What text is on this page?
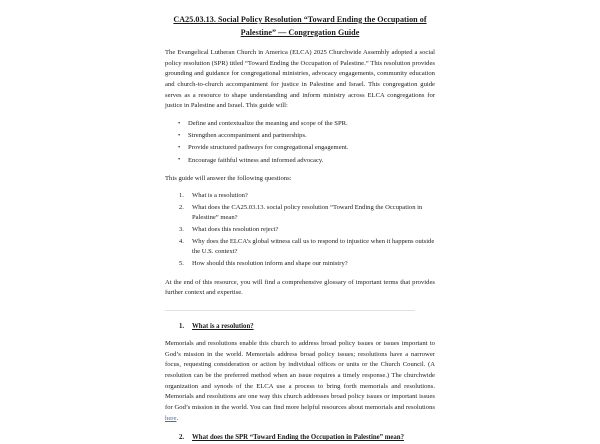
CA25.03.13. Social Policy Resolution “Toward Ending the Occupation of
Palestine” — Congregation Guide

The Evangelical Lutheran Church in America (ELCA) 2025 Churchwide Assembly adopted a social policy resolution (SPR) titled “Toward Ending the Occupation of Palestine.” This resolution provides grounding and guidance for congregational ministries, advocacy engagements, community education and church-to-church accompaniment for justice in Palestine and Israel. This congregation guide serves as a resource to shape understanding and inform ministry across ELCA congregations for justice in Palestine and Israel. This guide will:

• Define and contextualize the meaning and scope of the SPR.
• Strengthen accompaniment and partnerships.
• Provide structured pathways for congregational engagement.
• Encourage faithful witness and informed advocacy.

This guide will answer the following questions:

What is a resolution?
What does the CA25.03.13. social policy resolution “Toward Ending the Occupation in Palestine” mean?
What does this resolution reject?
Why does the ELCA’s global witness call us to respond to injustice when it happens outside the U.S. context?
How should this resolution inform and shape our ministry?

At the end of this resource, you will find a comprehensive glossary of important terms that provides further context and expertise.

1. What is a resolution?

Memorials and resolutions enable this church to address broad policy issues or issues important to God’s mission in the world. Memorials address broad policy issues; resolutions have a narrower focus, requesting consideration or action by individual offices or units or the Church Council. (A resolution can be the preferred method when an issue requires a timely response.) The churchwide organization and synods of the ELCA use a process to bring forth memorials and resolutions. Memorials and resolutions are one way this church addresses broad policy issues or important issues for God’s mission in the world. You can find more helpful resources about memorials and resolutions here.

2. What does the SPR “Toward Ending the Occupation in Palestine” mean?
